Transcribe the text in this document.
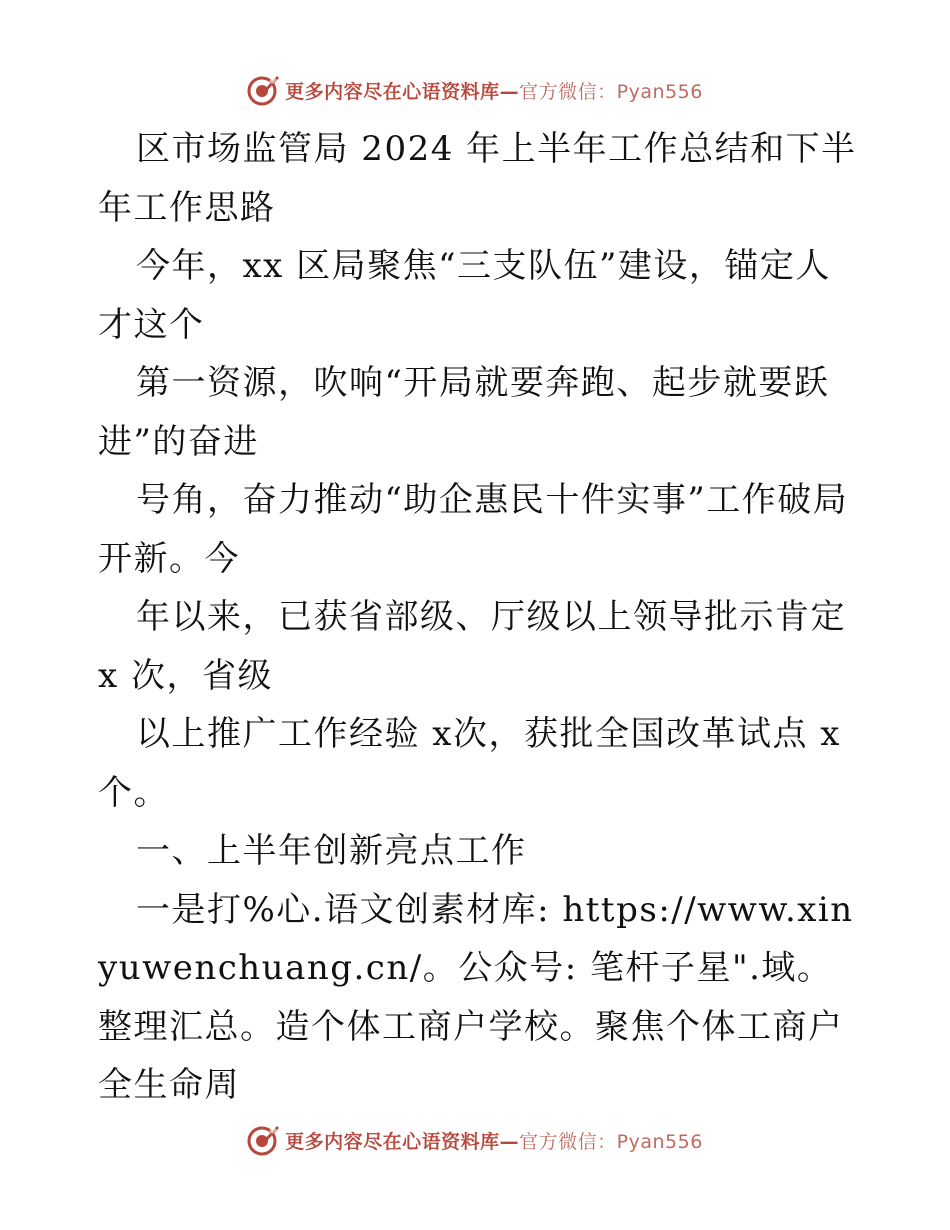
更多内容尽在心语资料库—官方微信：Pyan556

区市场监管局 2024 年上半年工作总结和下半年工作思路

今年，xx 区局聚焦“三支队伍”建设，锚定人才这个

第一资源，吹响“开局就要奔跑、起步就要跃进”的奋进

号角，奋力推动“助企惠民十件实事”工作破局开新。今

年以来，已获省部级、厅级以上领导批示肯定 x 次，省级

以上推广工作经验 x次，获批全国改革试点 x 个。

一、上半年创新亮点工作

一是打%心.语文创素材库: https://www.xinyuwenchuang.cn/。公众号: 笔杆子星".域。整理汇总。造个体工商户学校。聚焦个体工商户全生命周

更多内容尽在心语资料库—官方微信：Pyan556
